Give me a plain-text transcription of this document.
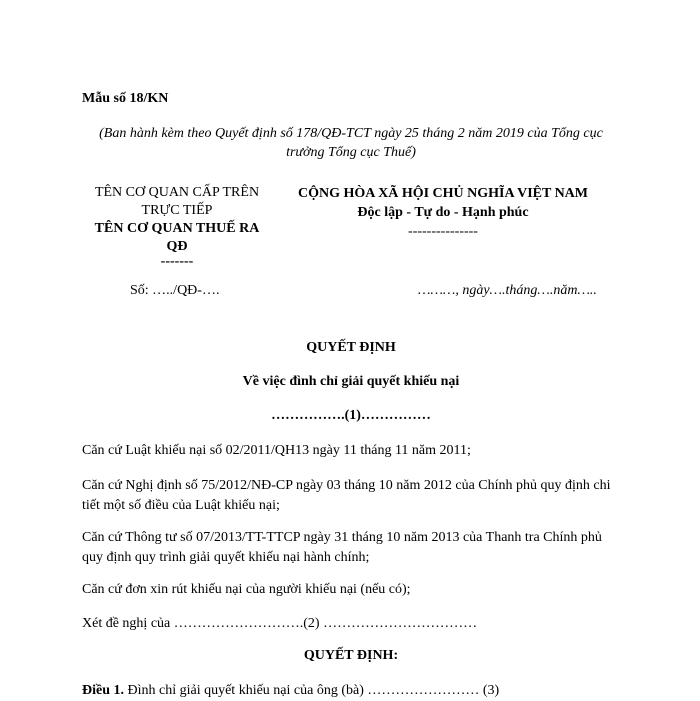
Mẫu số 18/KN
(Ban hành kèm theo Quyết định số 178/QĐ-TCT ngày 25 tháng 2 năm 2019 của Tổng cục trưởng Tổng cục Thuế)
TÊN CƠ QUAN CẤP TRÊN
TRỰC TIẾP
TÊN CƠ QUAN THUẾ RA
QĐ
-------
Số: …../QĐ-….
CỘNG HÒA XÃ HỘI CHỦ NGHĨA VIỆT NAM
Độc lập - Tự do - Hạnh phúc
---------------
………, ngày….tháng….năm…..
QUYẾT ĐỊNH
Về việc đình chỉ giải quyết khiếu nại
…………….(1)……………
Căn cứ Luật khiếu nại số 02/2011/QH13 ngày 11 tháng 11 năm 2011;
Căn cứ Nghị định số 75/2012/NĐ-CP ngày 03 tháng 10 năm 2012 của Chính phủ quy định chi tiết một số điều của Luật khiếu nại;
Căn cứ Thông tư số 07/2013/TT-TTCP ngày 31 tháng 10 năm 2013 của Thanh tra Chính phủ quy định quy trình giải quyết khiếu nại hành chính;
Căn cứ đơn xin rút khiếu nại của người khiếu nại (nếu có);
Xét đề nghị của ……………………….(2) ……………………………
QUYẾT ĐỊNH:
Điều 1. Đình chỉ giải quyết khiếu nại của ông (bà) …………………… (3)
